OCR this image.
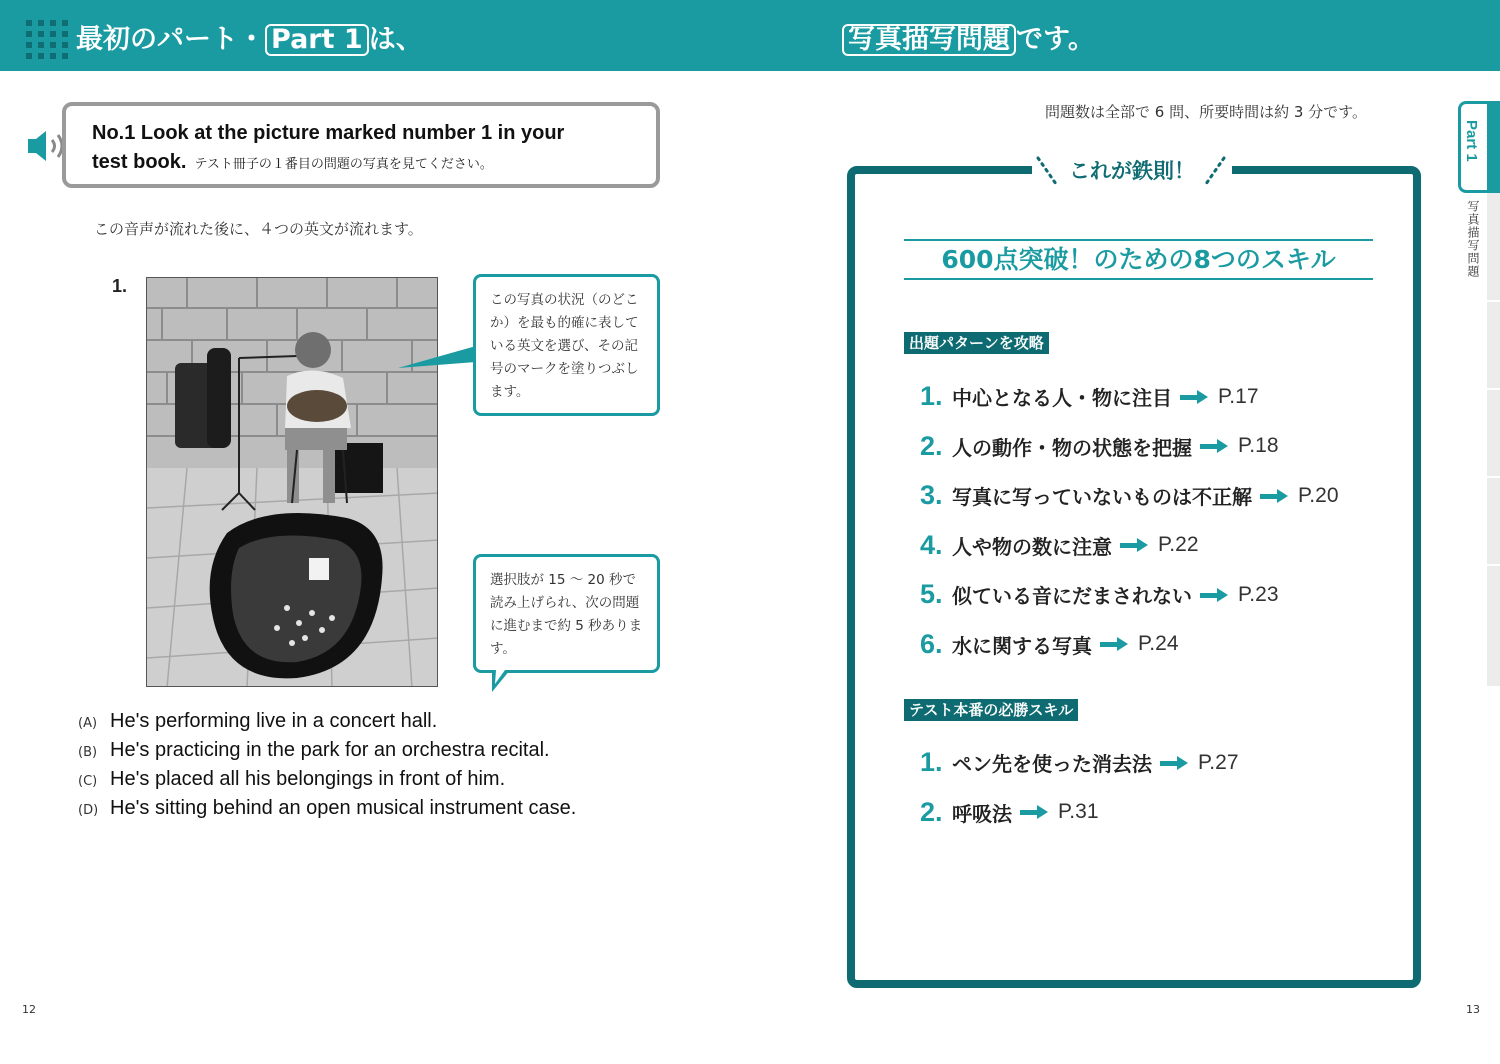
最初のパート・ Part 1 は、	写真描写問題 です。
No.1 Look at the picture marked number 1 in your
test book. テスト冊子の１番目の問題の写真を見てください。
この音声が流れた後に、４つの英文が流れます。
1.
この写真の状況（のどこか）を最も的確に表している英文を選び、その記号のマークを塗りつぶします。
選択肢が 15 ～ 20 秒で読み上げられ、次の問題に進むまで約 5 秒あります。
(A) He's performing live in a concert hall.
(B) He's practicing in the park for an orchestra recital.
(C) He's placed all his belongings in front of him.
(D) He's sitting behind an open musical instrument case.
12
問題数は全部で 6 問、所要時間は約 3 分です。
これが鉄則！
600点突破！のための8つのスキル
出題パターンを攻略
1. 中心となる人・物に注目 P.17
2. 人の動作・物の状態を把握 P.18
3. 写真に写っていないものは不正解 P.20
4. 人や物の数に注意 P.22
5. 似ている音にだまされない P.23
6. 水に関する写真 P.24
テスト本番の必勝スキル
1. ペン先を使った消去法 P.27
2. 呼吸法 P.31
Part 1
写真描写問題
13
